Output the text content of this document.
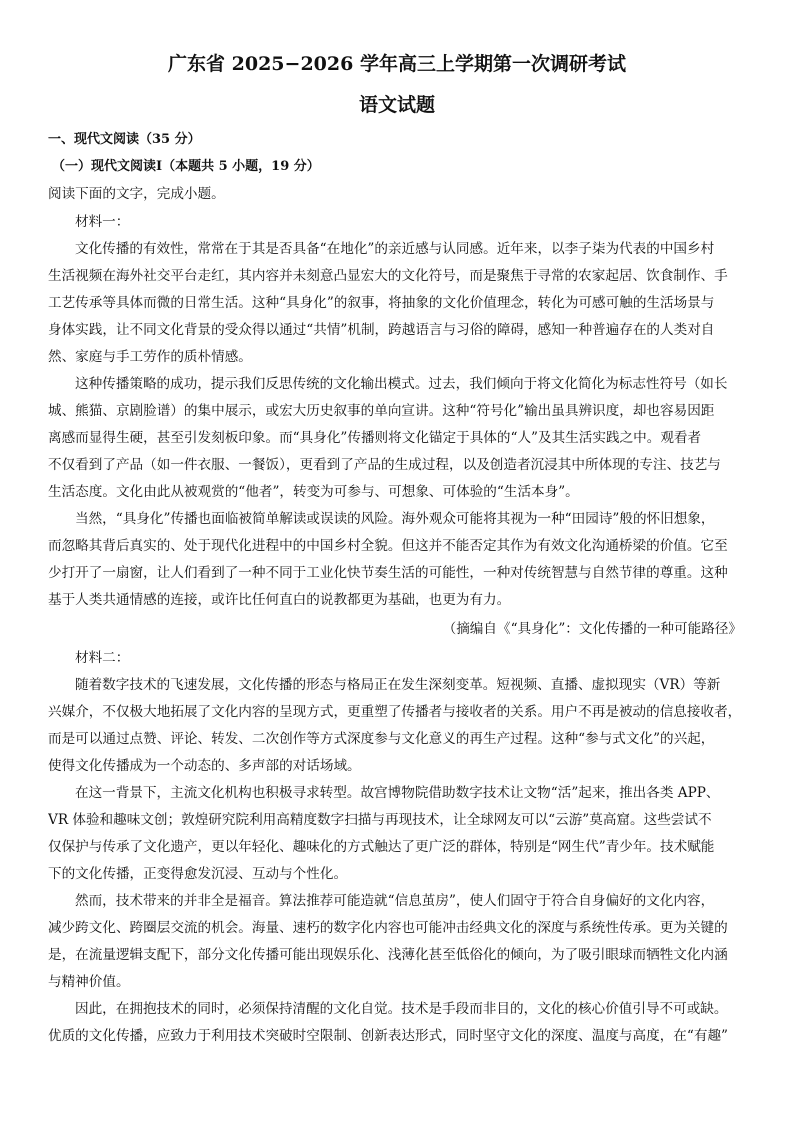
广东省 2025−2026 学年高三上学期第一次调研考试
语文试题
一、现代文阅读（35 分）
（一）现代文阅读Ⅰ（本题共 5 小题，19 分）
阅读下面的文字，完成小题。
材料一：
文化传播的有效性，常常在于其是否具备“在地化”的亲近感与认同感。近年来，以李子柒为代表的中国乡村
生活视频在海外社交平台走红，其内容并未刻意凸显宏大的文化符号，而是聚焦于寻常的农家起居、饮食制作、手
工艺传承等具体而微的日常生活。这种“具身化”的叙事，将抽象的文化价值理念，转化为可感可触的生活场景与
身体实践，让不同文化背景的受众得以通过“共情”机制，跨越语言与习俗的障碍，感知一种普遍存在的人类对自
然、家庭与手工劳作的质朴情感。
这种传播策略的成功，提示我们反思传统的文化输出模式。过去，我们倾向于将文化简化为标志性符号（如长
城、熊猫、京剧脸谱）的集中展示，或宏大历史叙事的单向宣讲。这种“符号化”输出虽具辨识度，却也容易因距
离感而显得生硬，甚至引发刻板印象。而“具身化”传播则将文化锚定于具体的“人”及其生活实践之中。观看者
不仅看到了产品（如一件衣服、一餐饭），更看到了产品的生成过程，以及创造者沉浸其中所体现的专注、技艺与
生活态度。文化由此从被观赏的“他者”，转变为可参与、可想象、可体验的“生活本身”。
当然，“具身化”传播也面临被简单解读或误读的风险。海外观众可能将其视为一种“田园诗”般的怀旧想象，
而忽略其背后真实的、处于现代化进程中的中国乡村全貌。但这并不能否定其作为有效文化沟通桥梁的价值。它至
少打开了一扇窗，让人们看到了一种不同于工业化快节奏生活的可能性，一种对传统智慧与自然节律的尊重。这种
基于人类共通情感的连接，或许比任何直白的说教都更为基础，也更为有力。
（摘编自《“具身化”：文化传播的一种可能路径》
材料二：
随着数字技术的飞速发展，文化传播的形态与格局正在发生深刻变革。短视频、直播、虚拟现实（VR）等新
兴媒介，不仅极大地拓展了文化内容的呈现方式，更重塑了传播者与接收者的关系。用户不再是被动的信息接收者，
而是可以通过点赞、评论、转发、二次创作等方式深度参与文化意义的再生产过程。这种“参与式文化”的兴起，
使得文化传播成为一个动态的、多声部的对话场域。
在这一背景下，主流文化机构也积极寻求转型。故宫博物院借助数字技术让文物“活”起来，推出各类 APP、
VR 体验和趣味文创；敦煌研究院利用高精度数字扫描与再现技术，让全球网友可以“云游”莫高窟。这些尝试不
仅保护与传承了文化遗产，更以年轻化、趣味化的方式触达了更广泛的群体，特别是“网生代”青少年。技术赋能
下的文化传播，正变得愈发沉浸、互动与个性化。
然而，技术带来的并非全是福音。算法推荐可能造就“信息茧房”，使人们固守于符合自身偏好的文化内容，
减少跨文化、跨圈层交流的机会。海量、速朽的数字化内容也可能冲击经典文化的深度与系统性传承。更为关键的
是，在流量逻辑支配下，部分文化传播可能出现娱乐化、浅薄化甚至低俗化的倾向，为了吸引眼球而牺牲文化内涵
与精神价值。
因此，在拥抱技术的同时，必须保持清醒的文化自觉。技术是手段而非目的，文化的核心价值引导不可或缺。
优质的文化传播，应致力于利用技术突破时空限制、创新表达形式，同时坚守文化的深度、温度与高度，在“有趣”
